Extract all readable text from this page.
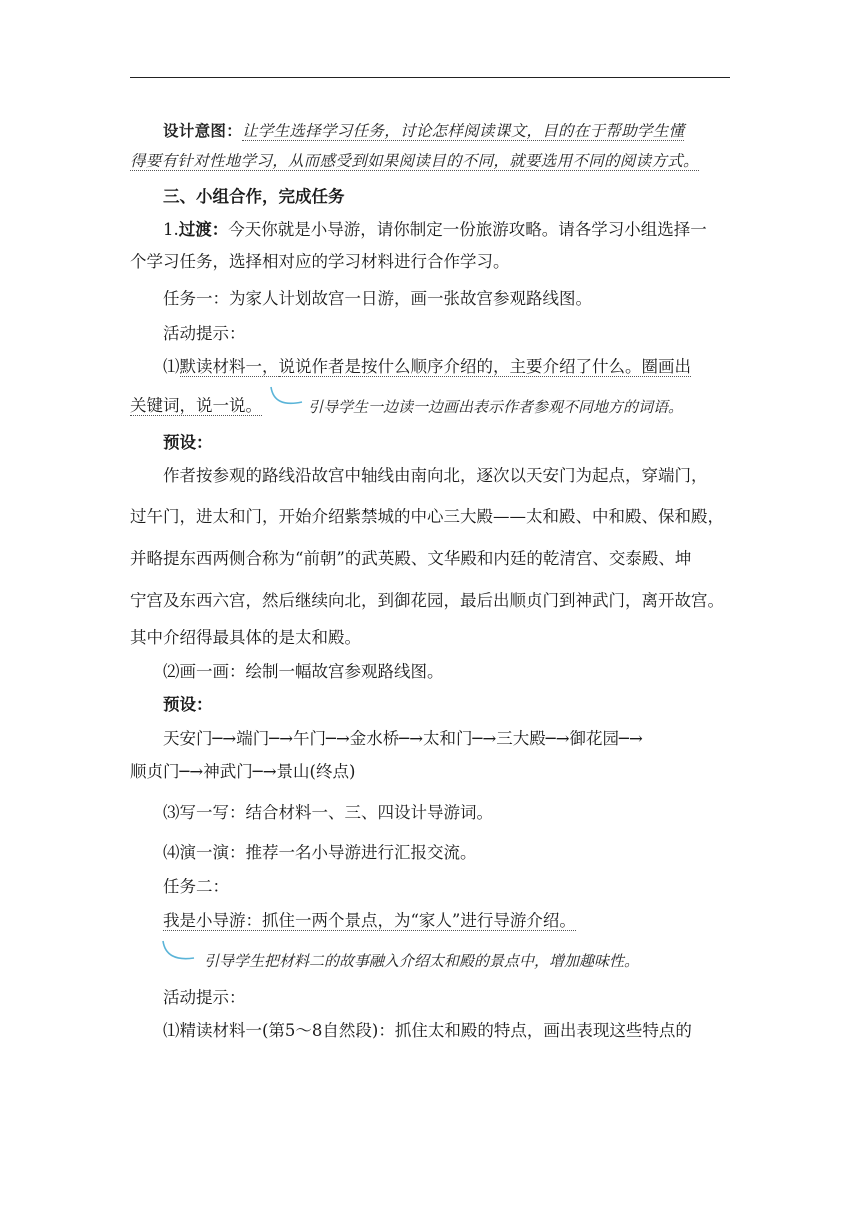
设计意图：让学生选择学习任务，讨论怎样阅读课文，目的在于帮助学生懂
得要有针对性地学习，从而感受到如果阅读目的不同，就要选用不同的阅读方式。
三、小组合作，完成任务
1.过渡：今天你就是小导游，请你制定一份旅游攻略。请各学习小组选择一
个学习任务，选择相对应的学习材料进行合作学习。
任务一：为家人计划故宫一日游，画一张故宫参观路线图。
活动提示：
⑴默读材料一，说说作者是按什么顺序介绍的，主要介绍了什么。圈画出
关键词，说一说。	引导学生一边读一边画出表示作者参观不同地方的词语。
预设：
作者按参观的路线沿故宫中轴线由南向北，逐次以天安门为起点，穿端门，
过午门，进太和门，开始介绍紫禁城的中心三大殿——太和殿、中和殿、保和殿，
并略提东西两侧合称为“前朝”的武英殿、文华殿和内廷的乾清宫、交泰殿、坤
宁宫及东西六宫，然后继续向北，到御花园，最后出顺贞门到神武门，离开故宫。
其中介绍得最具体的是太和殿。
⑵画一画：绘制一幅故宫参观路线图。
预设：
天安门─→端门─→午门─→金水桥─→太和门─→三大殿─→御花园─→
顺贞门─→神武门─→景山(终点)
⑶写一写：结合材料一、三、四设计导游词。
⑷演一演：推荐一名小导游进行汇报交流。
任务二：
我是小导游：抓住一两个景点，为“家人”进行导游介绍。
引导学生把材料二的故事融入介绍太和殿的景点中，增加趣味性。
活动提示：
⑴精读材料一(第5～8自然段)：抓住太和殿的特点，画出表现这些特点的
